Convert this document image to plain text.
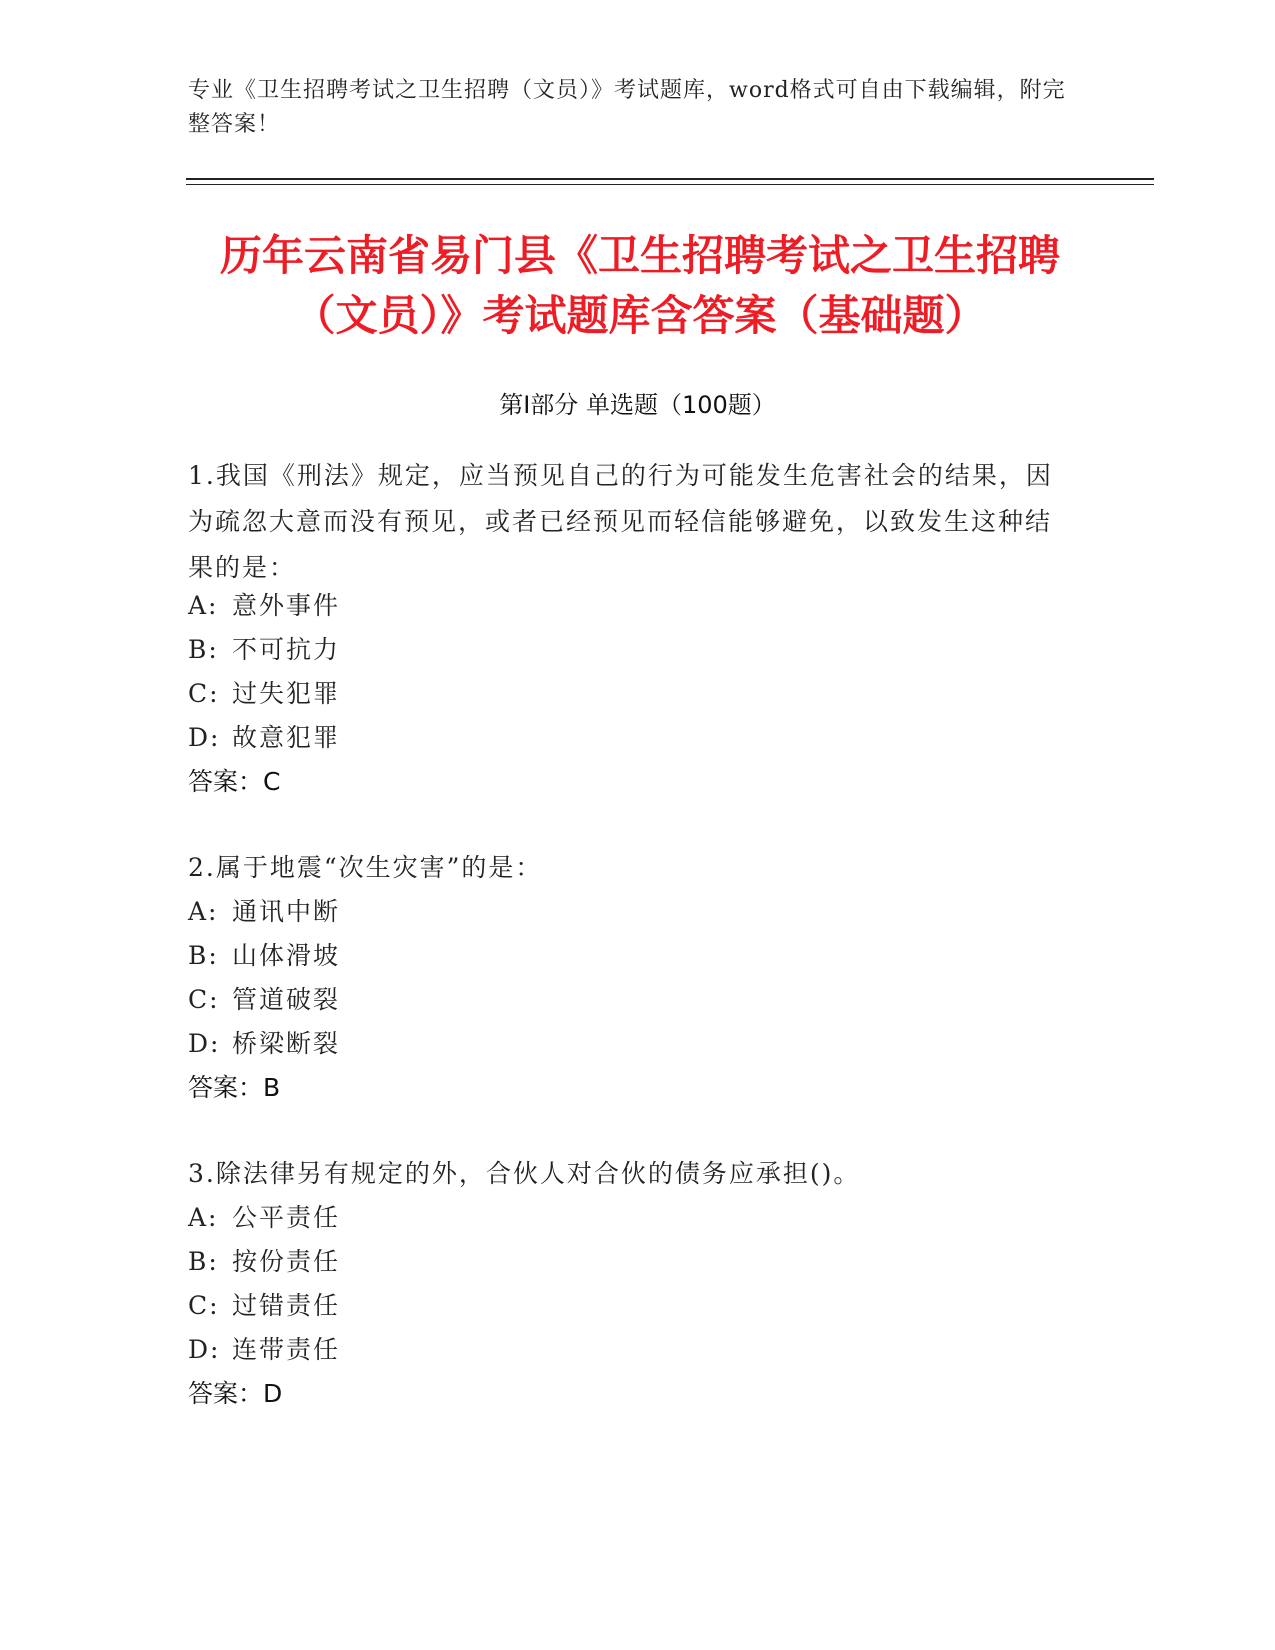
专业《卫生招聘考试之卫生招聘（文员）》考试题库，word格式可自由下载编辑，附完整答案！
历年云南省易门县《卫生招聘考试之卫生招聘（文员）》考试题库含答案（基础题）
第Ⅰ部分 单选题（100题）
1.我国《刑法》规定，应当预见自己的行为可能发生危害社会的结果，因为疏忽大意而没有预见，或者已经预见而轻信能够避免，以致发生这种结果的是：
A: 意外事件
B: 不可抗力
C: 过失犯罪
D: 故意犯罪
答案：C
2.属于地震“次生灾害”的是：
A: 通讯中断
B: 山体滑坡
C: 管道破裂
D: 桥梁断裂
答案：B
3.除法律另有规定的外，合伙人对合伙的债务应承担()。
A: 公平责任
B: 按份责任
C: 过错责任
D: 连带责任
答案：D
